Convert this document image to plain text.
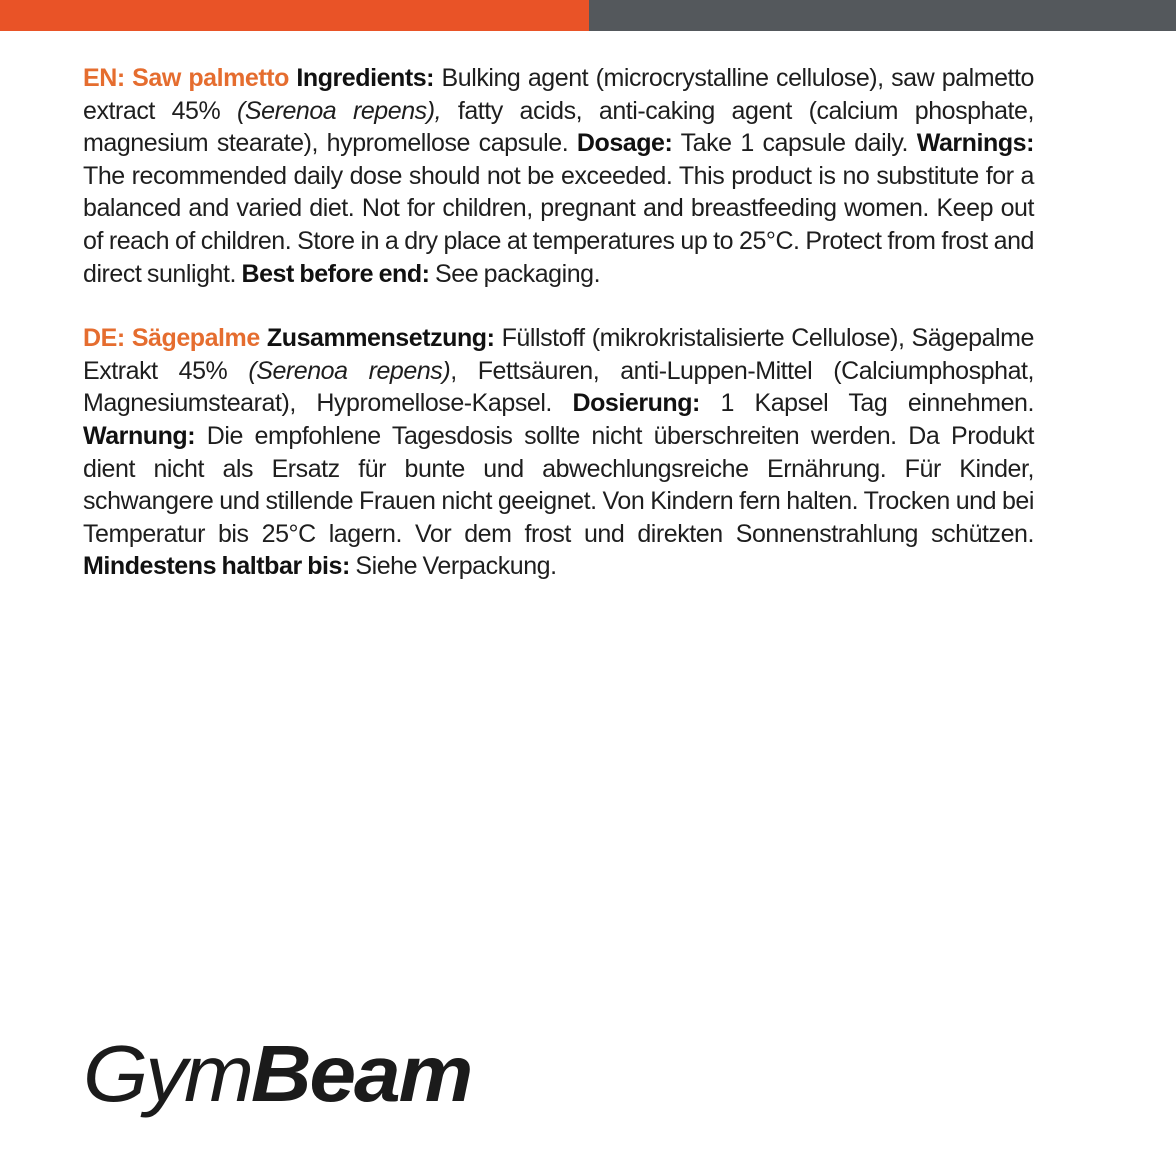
EN: Saw palmetto Ingredients: Bulking agent (microcrystalline cellulose), saw palmetto extract 45% (Serenoa repens), fatty acids, anti-caking agent (calcium phosphate, magnesium stearate), hypromellose capsule. Dosage: Take 1 capsule daily. Warnings: The recommended daily dose should not be exceeded. This product is no substitute for a balanced and varied diet. Not for children, pregnant and breastfeeding women. Keep out of reach of children. Store in a dry place at temperatures up to 25°C. Protect from frost and direct sunlight. Best before end: See packaging.

DE: Sägepalme Zusammensetzung: Füllstoff (mikrokristalisierte Cellulose), Sägepalme Extrakt 45% (Serenoa repens), Fettsäuren, anti-Luppen-Mittel (Calciumphosphat, Magnesiumstearat), Hypromellose-Kapsel. Dosierung: 1 Kapsel Tag einnehmen. Warnung: Die empfohlene Tagesdosis sollte nicht überschreiten werden. Da Produkt dient nicht als Ersatz für bunte und abwechlungsreiche Ernährung. Für Kinder, schwangere und stillende Frauen nicht geeignet. Von Kindern fern halten. Trocken und bei Temperatur bis 25°C lagern. Vor dem frost und direkten Sonnenstrahlung schützen. Mindestens haltbar bis: Siehe Verpackung.

GymBeam
